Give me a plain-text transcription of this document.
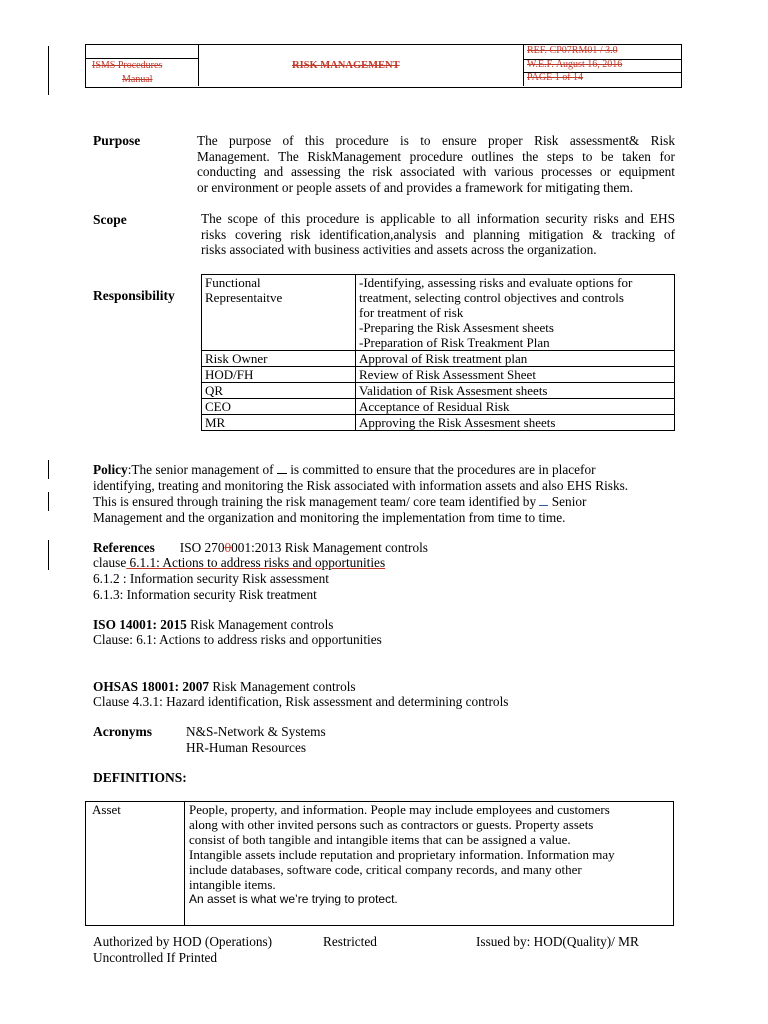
ISMS Procedures
Manual
RISK MANAGEMENT
REF. CP07RM01 / 3.0
W.E.F. August 16, 2016
PAGE 1 of 14
Purpose	The purpose of this procedure is to ensure proper Risk assessment& Risk
Management. The RiskManagement procedure outlines the steps to be taken for
conducting and assessing the risk associated with various processes or equipment
or environment or people assets of and provides a framework for mitigating them.
Scope	The scope of this procedure is applicable to all information security risks and EHS
risks covering risk identification,analysis and planning mitigation & tracking of
risks associated with business activities and assets across the organization.
Responsibility
Functional
Representaitve	-Identifying, assessing risks and evaluate options for
treatment, selecting control objectives and controls
for treatment of risk
-Preparing the Risk Assesment sheets
-Preparation of Risk Treakment Plan
Risk Owner	Approval of Risk treatment plan
HOD/FH	Review of Risk Assessment Sheet
QR	Validation of Risk Assesment sheets
CEO	Acceptance of Residual Risk
MR	Approving the Risk Assesment sheets
Policy:The senior management of  is committed to ensure that the procedures are in placefor
identifying, treating and monitoring the Risk associated with information assets and also EHS Risks.
This is ensured through training the risk management team/ core team identified by  Senior
Management and the organization and monitoring the implementation from time to time.
References ISO 2700001:2013 Risk Management controls
clause 6.1.1: Actions to address risks and opportunities
6.1.2 : Information security Risk assessment
6.1.3: Information security Risk treatment
ISO 14001: 2015 Risk Management controls
Clause: 6.1: Actions to address risks and opportunities
OHSAS 18001: 2007 Risk Management controls
Clause 4.3.1: Hazard identification, Risk assessment and determining controls
Acronyms	N&S-Network & Systems
HR-Human Resources
DEFINITIONS:
Asset	People, property, and information. People may include employees and customers
along with other invited persons such as contractors or guests. Property assets
consist of both tangible and intangible items that can be assigned a value.
Intangible assets include reputation and proprietary information. Information may
include databases, software code, critical company records, and many other
intangible items.
An asset is what we’re trying to protect.
Authorized by HOD (Operations)	Restricted	Issued by: HOD(Quality)/ MR
Uncontrolled If Printed
